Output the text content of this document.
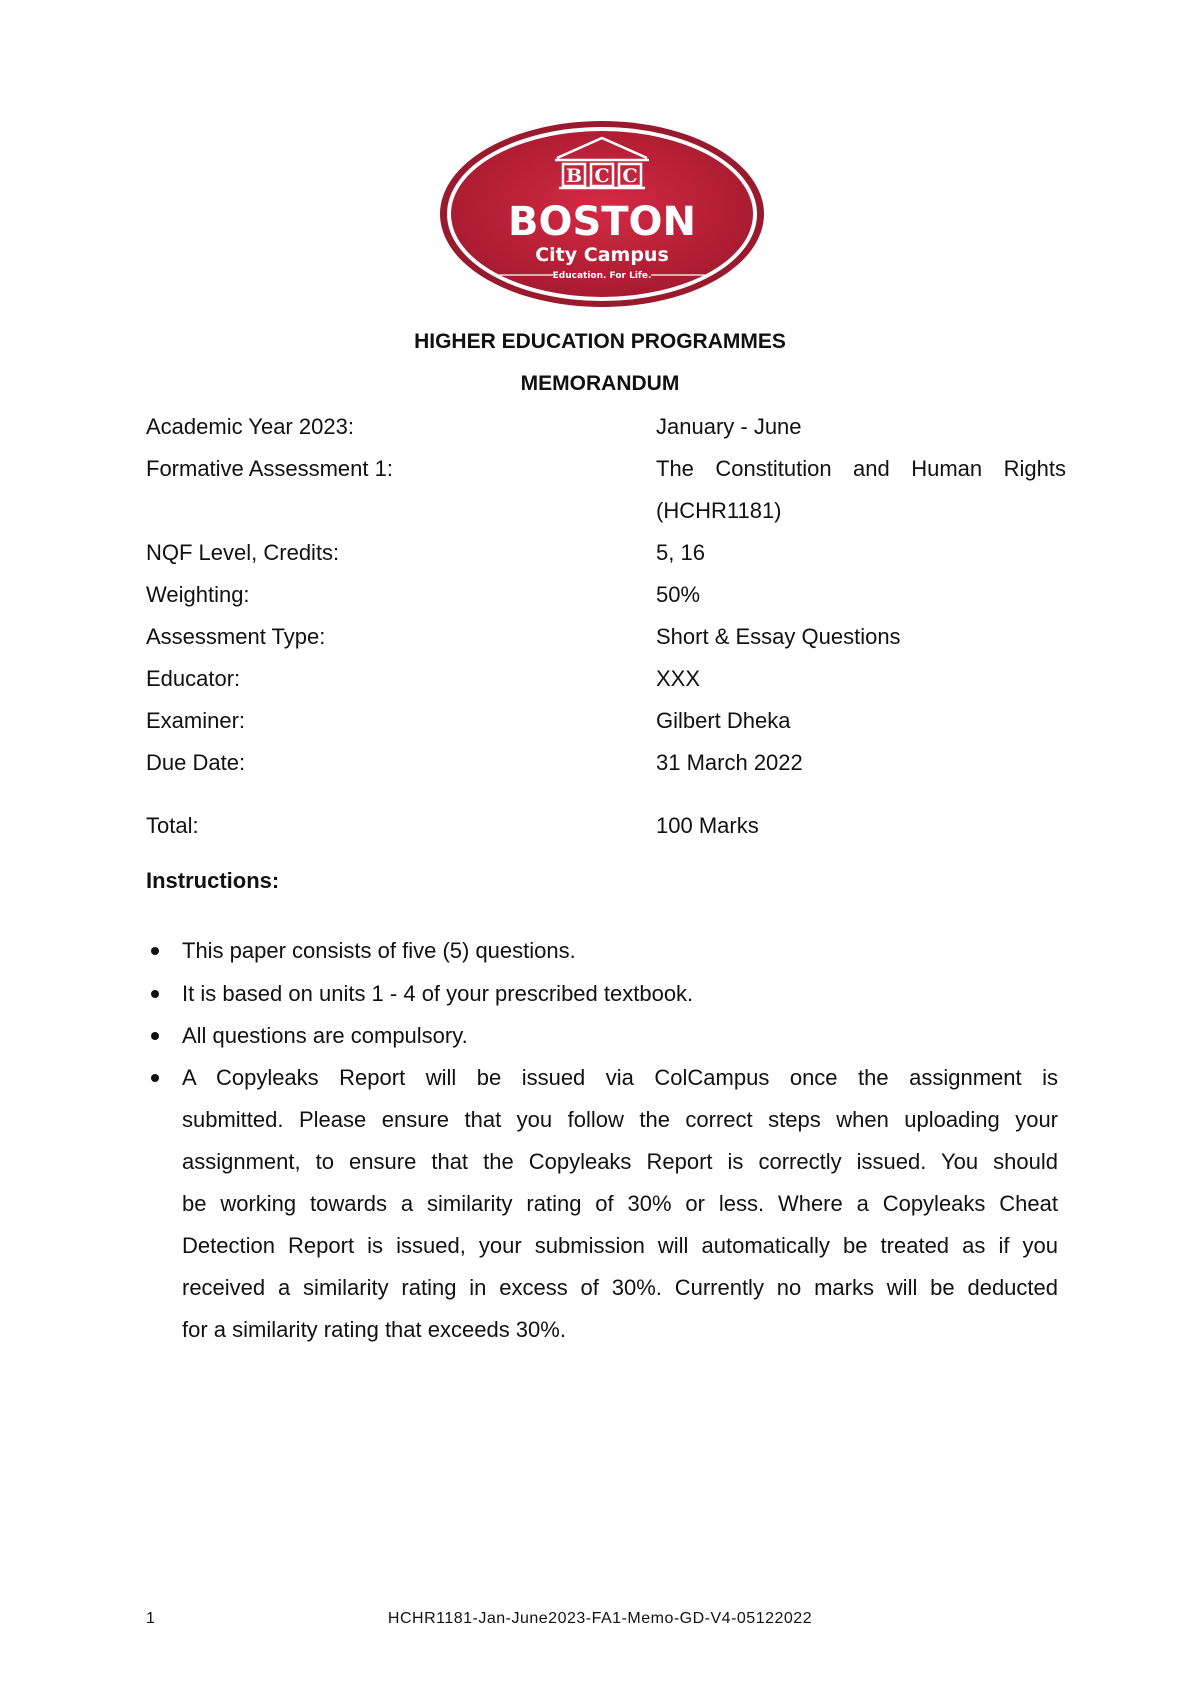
B C C
BOSTON
City Campus
Education. For Life.
HIGHER EDUCATION PROGRAMMES
MEMORANDUM
Academic Year 2023:	January - June
Formative Assessment 1:	The Constitution and Human Rights
(HCHR1181)
NQF Level, Credits:	5, 16
Weighting:	50%
Assessment Type:	Short & Essay Questions
Educator:	XXX
Examiner:	Gilbert Dheka
Due Date:	31 March 2022
Total:	100 Marks
Instructions:
This paper consists of five (5) questions.
It is based on units 1 - 4 of your prescribed textbook.
All questions are compulsory.
A Copyleaks Report will be issued via ColCampus once the assignment is
submitted. Please ensure that you follow the correct steps when uploading your
assignment, to ensure that the Copyleaks Report is correctly issued. You should
be working towards a similarity rating of 30% or less. Where a Copyleaks Cheat
Detection Report is issued, your submission will automatically be treated as if you
received a similarity rating in excess of 30%. Currently no marks will be deducted
for a similarity rating that exceeds 30%.
1	HCHR1181-Jan-June2023-FA1-Memo-GD-V4-05122022
